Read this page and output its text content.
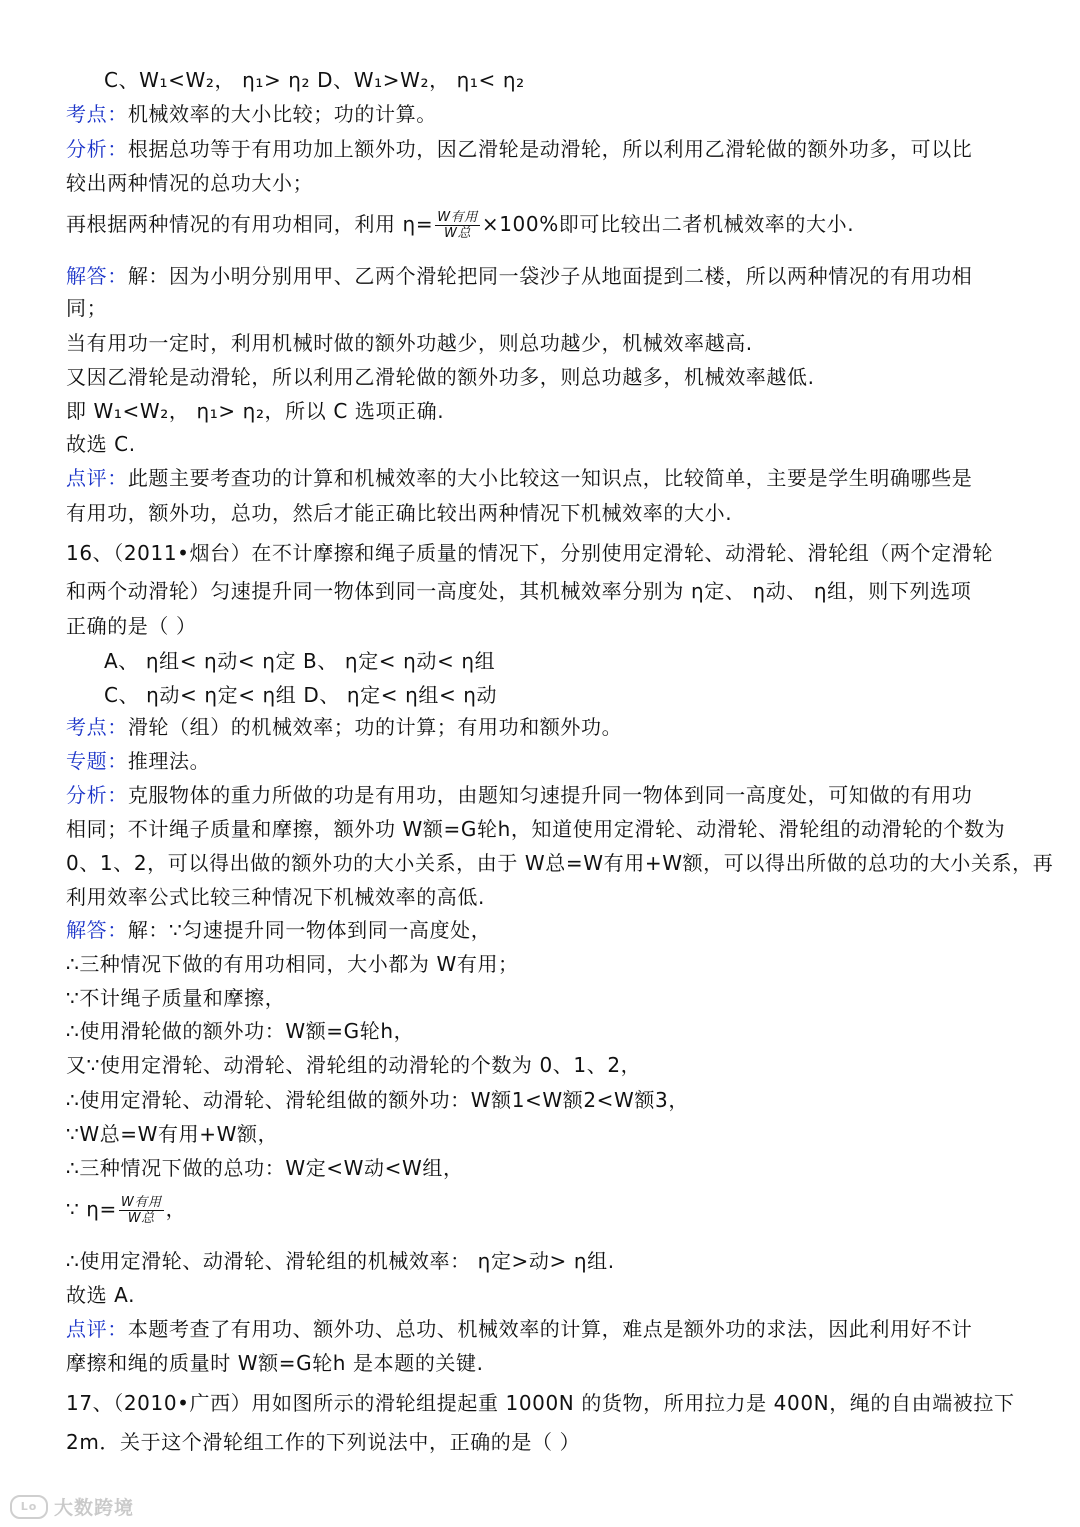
C、W₁<W₂， η₁> η₂ D、W₁>W₂， η₁< η₂
考点：机械效率的大小比较；功的计算。
分析：根据总功等于有用功加上额外功，因乙滑轮是动滑轮，所以利用乙滑轮做的额外功多，可以比
较出两种情况的总功大小；
再根据两种情况的有用功相同，利用 $\eta= \frac{\text{W有用}}{\text{W总}} \times 100\%$即可比较出二者机械效率的大小.
解答：解：因为小明分别用甲、乙两个滑轮把同一袋沙子从地面提到二楼，所以两种情况的有用功相
同；
当有用功一定时，利用机械时做的额外功越少，则总功越少，机械效率越高.
又因乙滑轮是动滑轮，所以利用乙滑轮做的额外功多，则总功越多，机械效率越低.
即 W₁<W₂， η₁> η₂，所以 C 选项正确.
故选 C.
点评：此题主要考查功的计算和机械效率的大小比较这一知识点，比较简单，主要是学生明确哪些是
有用功，额外功，总功，然后才能正确比较出两种情况下机械效率的大小.
16、（2011•烟台）在不计摩擦和绳子质量的情况下，分别使用定滑轮、动滑轮、滑轮组（两个定滑轮
和两个动滑轮）匀速提升同一物体到同一高度处，其机械效率分别为 η定、 η动、 η组，则下列选项
正确的是（ ）
A、 η组< η动< η定 B、 η定< η动< η组
C、 η动< η定< η组 D、 η定< η组< η动
考点：滑轮（组）的机械效率；功的计算；有用功和额外功。
专题：推理法。
分析：克服物体的重力所做的功是有用功，由题知匀速提升同一物体到同一高度处，可知做的有用功
相同；不计绳子质量和摩擦，额外功 W额=G轮h，知道使用定滑轮、动滑轮、滑轮组的动滑轮的个数为
0、1、2，可以得出做的额外功的大小关系，由于 W总=W有用+W额，可以得出所做的总功的大小关系，再
利用效率公式比较三种情况下机械效率的高低.
解答：解：∵匀速提升同一物体到同一高度处，
∴三种情况下做的有用功相同，大小都为 W有用；
∵不计绳子质量和摩擦，
∴使用滑轮做的额外功：W额=G轮h，
又∵使用定滑轮、动滑轮、滑轮组的动滑轮的个数为 0、1、2，
∴使用定滑轮、动滑轮、滑轮组做的额外功：W额1<W额2<W额3，
∵W总=W有用+W额，
∴三种情况下做的总功：W定<W动<W组，
∵ $\eta= \frac{\text{W有用}}{\text{W总}}$ ，
∴使用定滑轮、动滑轮、滑轮组的机械效率： η定>动> η组.
故选 A.
点评：本题考查了有用功、额外功、总功、机械效率的计算，难点是额外功的求法，因此利用好不计
摩擦和绳的质量时 W额=G轮h 是本题的关键.
17、（2010•广西）用如图所示的滑轮组提起重 1000N 的货物，所用拉力是 400N，绳的自由端被拉下
2m．关于这个滑轮组工作的下列说法中，正确的是（ ）
Lo 大数跨境
